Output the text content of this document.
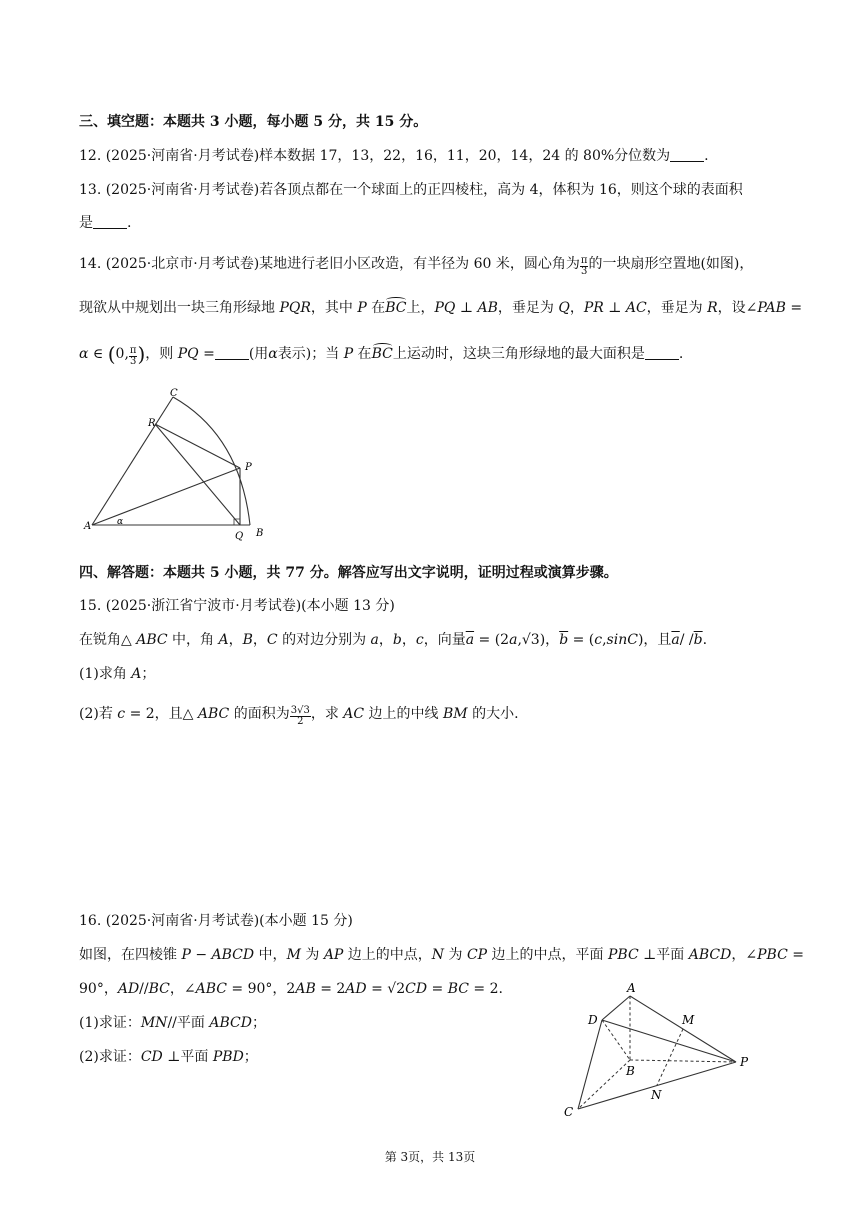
三、填空题：本题共 3 小题，每小题 5 分，共 15 分。
12. (2025·河南省·月考试卷)样本数据 17，13，22，16，11，20，14，24 的 80%分位数为 .
13. (2025·河南省·月考试卷)若各顶点都在一个球面上的正四棱柱，高为 4，体积为 16，则这个球的表面积
是 .
14. (2025·北京市·月考试卷)某地进行老旧小区改造，有半径为 60 米，圆心角为 $\frac{\pi}{3}$ 的一块扇形空置地(如图)，
现欲从中规划出一块三角形绿地 PQR，其中 P 在BC上，PQ ⊥ AB，垂足为 Q，PR ⊥ AC，垂足为 R，设∠PAB =
α ∈ (0, $\frac{\pi}{3}$ )，则 PQ = (用α表示)；当 P 在BC上运动时，这块三角形绿地的最大面积是 .
C
R
P
A	α
Q B
四、解答题：本题共 5 小题，共 77 分。解答应写出文字说明，证明过程或演算步骤。
15. (2025·浙江省宁波市·月考试卷)(本小题 13 分)
在锐角△ ABC 中，角 A，B，C 的对边分别为 a，b，c，向量$\overline{a} = (2a,√3)$，$\overline{b} = (c,\sin C)$，且$\overline{a}/$ $/\overline{b}$.
(1)求角 A；
(2)若 c = 2，且△ ABC 的面积为 $\frac{3√3}{2}$ ，求 AC 边上的中线 BM 的大小.
16. (2025·河南省·月考试卷)(本小题 15 分)
如图，在四棱锥 P − ABCD 中，M 为 AP 边上的中点，N 为 CP 边上的中点，平面 PBC ⊥平面 ABCD，∠PBC =
90°，AD//BC，∠ABC = 90°，2AB = 2AD = √2CD = BC = 2.
(1)求证：MN//平面 ABCD；
(2)求证：CD ⊥平面 PBD；
A
D	M
B
P
N
C
第 3页，共 13页
